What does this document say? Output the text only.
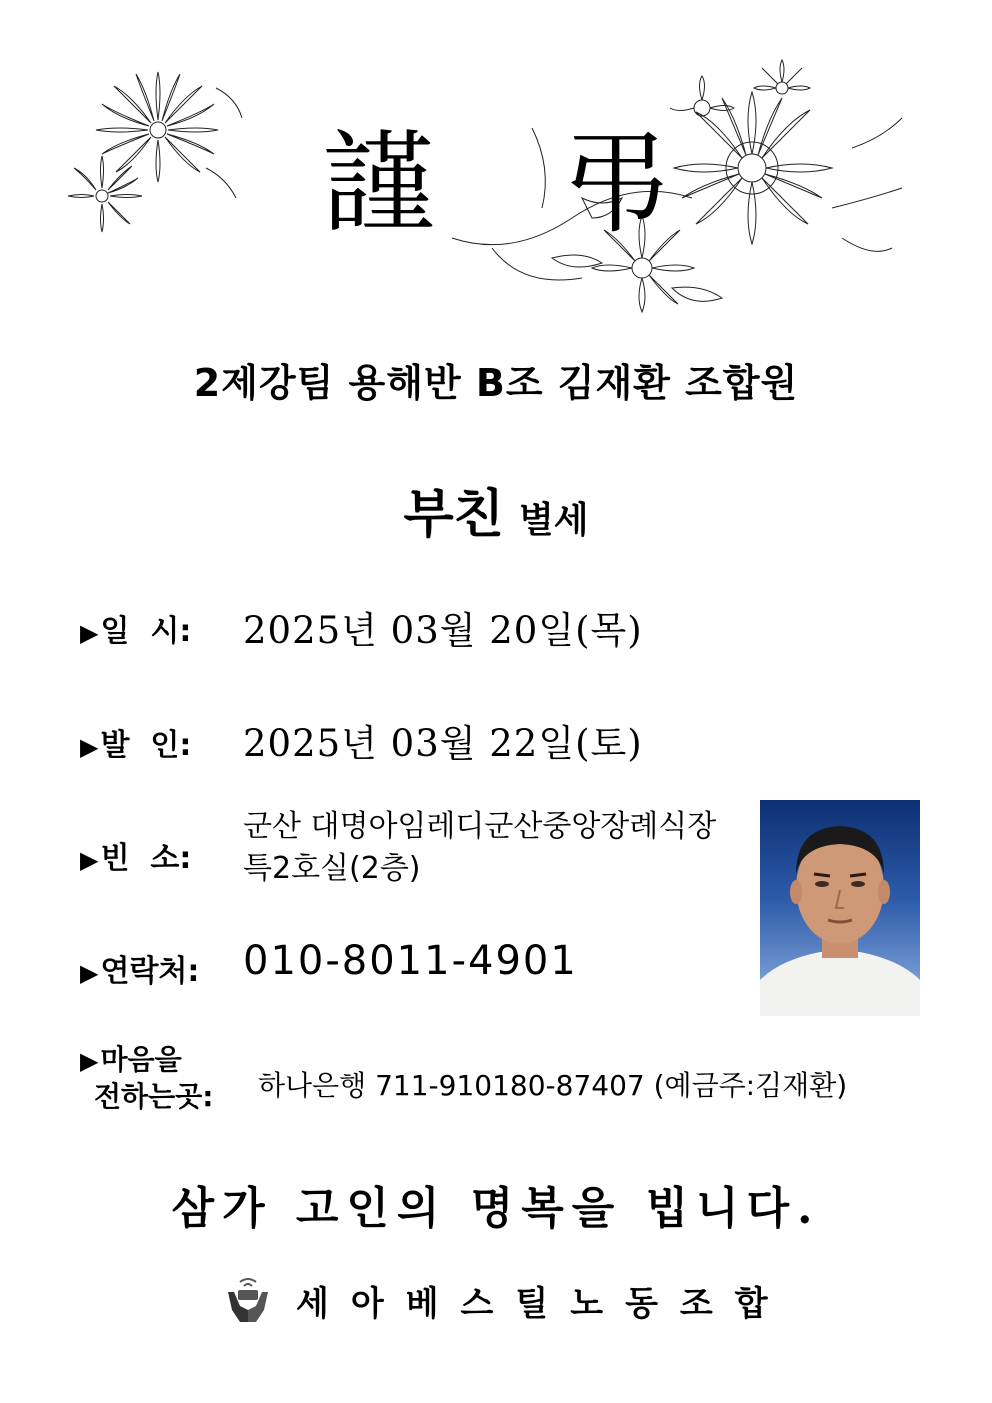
謹 弔
2제강팀 용해반 B조 김재환 조합원
부친 별세
▶일  시: 2025년 03월 20일(목)
▶발  인: 2025년 03월 22일(토)
▶빈  소:
군산 대명아임레디군산중앙장례식장
특2호실(2층)
▶연락처: 010-8011-4901
▶마음을
전하는곳: 하나은행 711-910180-87407 (예금주:김재환)
삼가 고인의 명복을 빕니다.
세아베스틸노동조합
